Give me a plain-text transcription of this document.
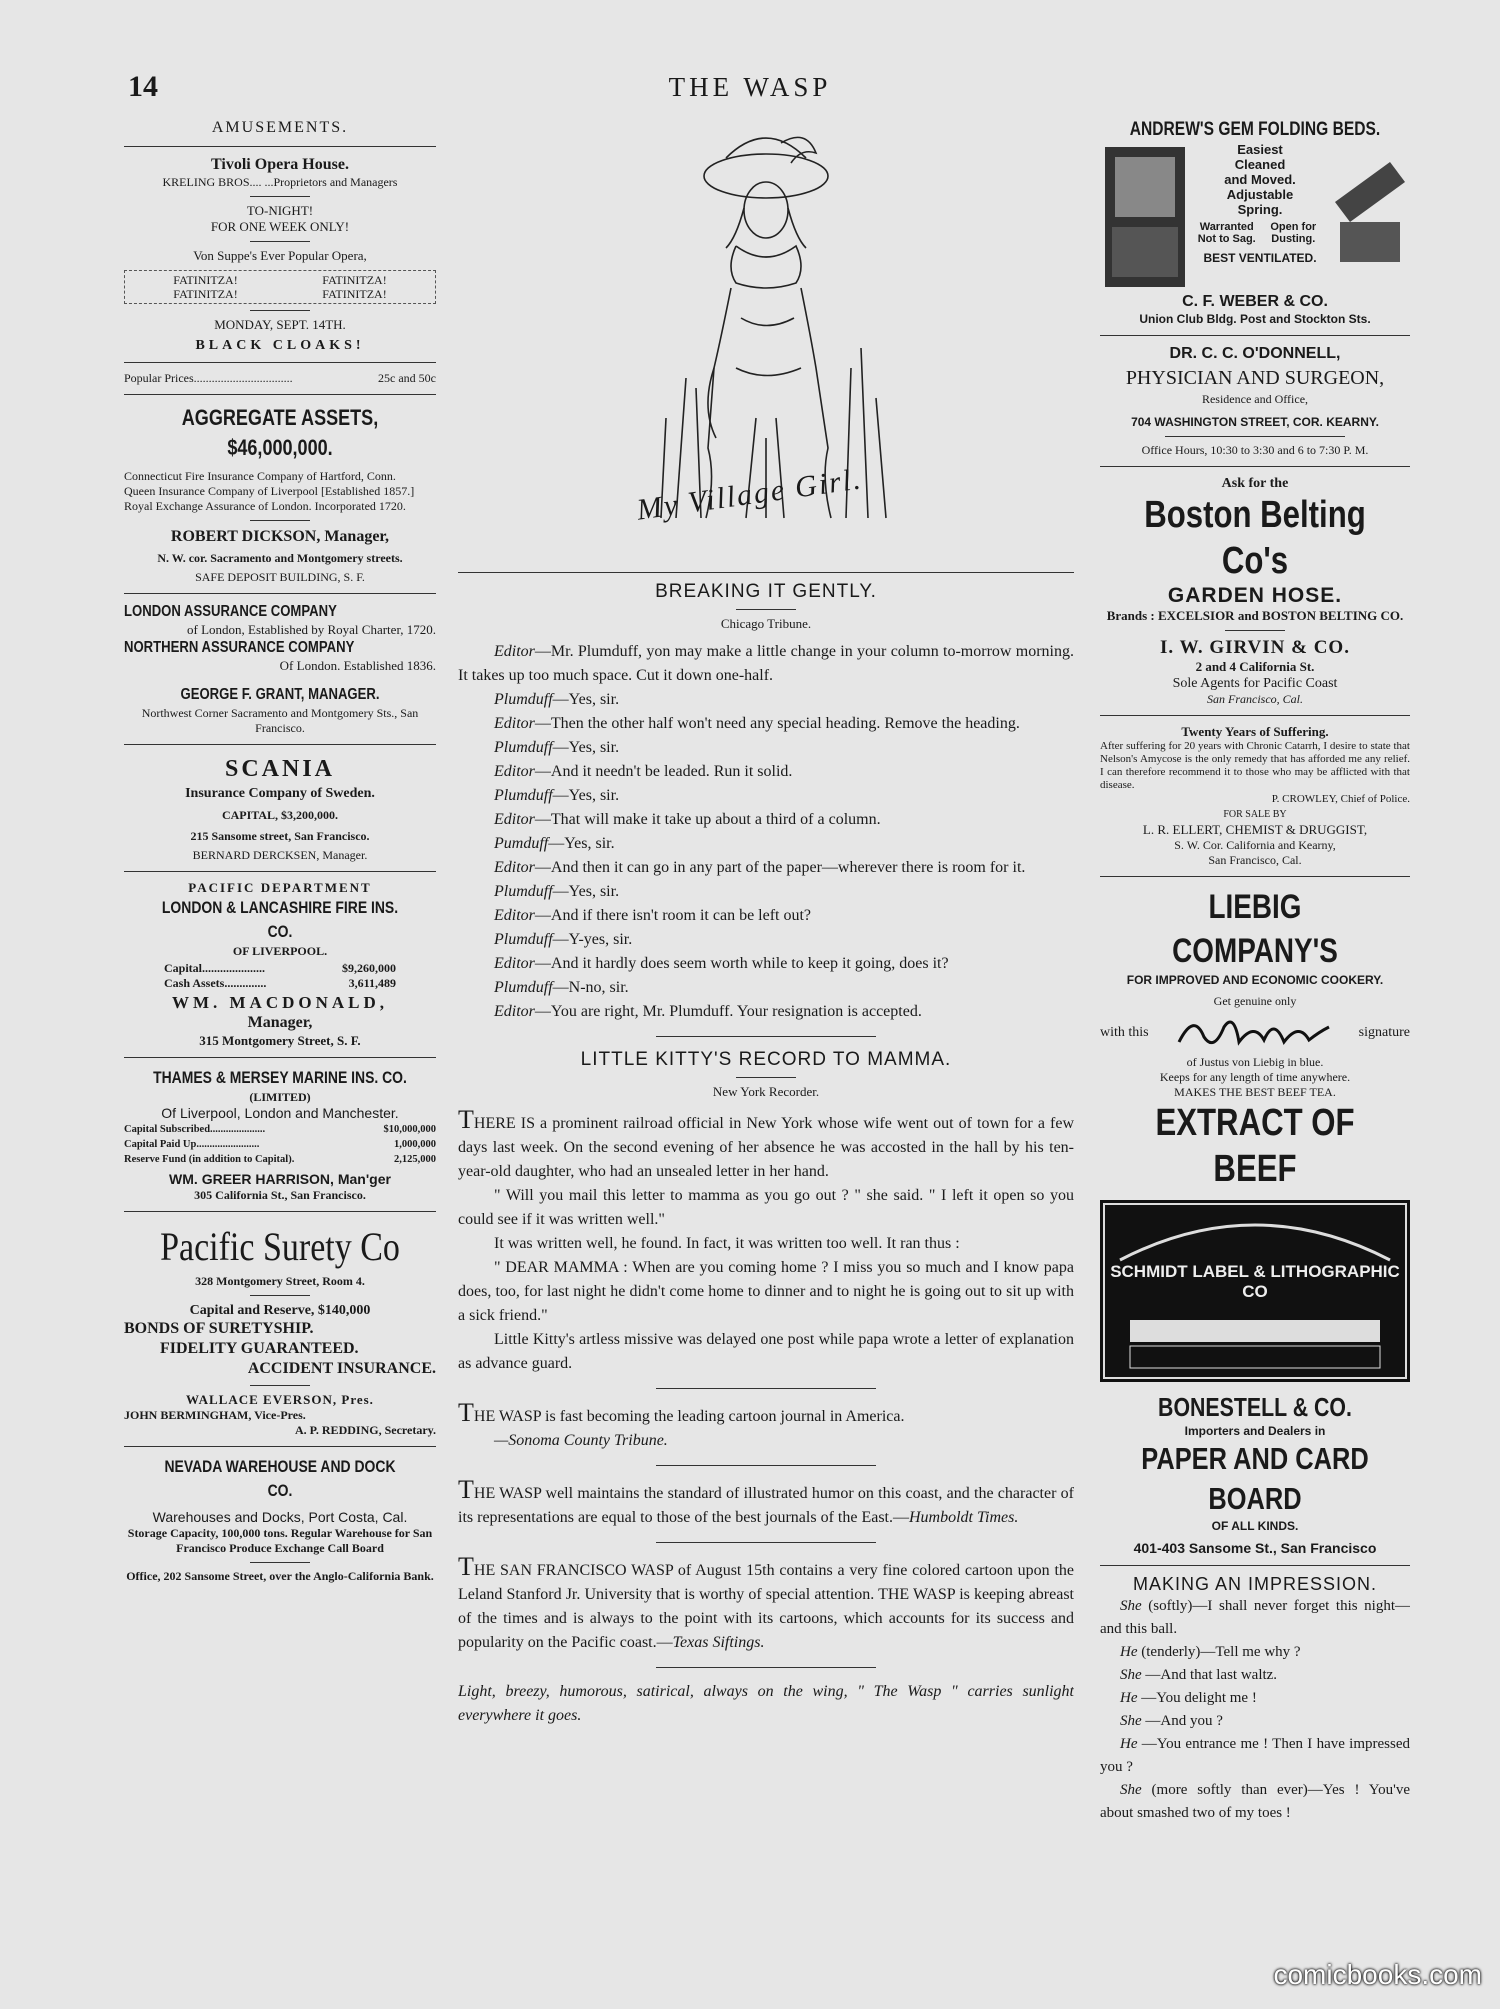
14	THE WASP
AMUSEMENTS.
Tivoli Opera House.
KRELING BROS.... ...Proprietors and Managers
TO-NIGHT!
FOR ONE WEEK ONLY!
Von Suppe's Ever Popular Opera,
FATINITZA!	FATINITZA!
FATINITZA!	FATINITZA!
MONDAY, SEPT. 14TH.
BLACK CLOAKS!
Popular Prices.................................	25c and 50c
AGGREGATE ASSETS, $46,000,000.
Connecticut Fire Insurance Company of Hartford, Conn.
Queen Insurance Company of Liverpool [Established 1857.]
Royal Exchange Assurance of London. Incorporated 1720.
ROBERT DICKSON, Manager,
N. W. cor. Sacramento and Montgomery streets.
SAFE DEPOSIT BUILDING, S. F.
LONDON ASSURANCE COMPANY
of London, Established by Royal Charter, 1720.
NORTHERN ASSURANCE COMPANY
Of London. Established 1836.
GEORGE F. GRANT, MANAGER.
Northwest Corner Sacramento and Montgomery Sts., San Francisco.
SCANIA
Insurance Company of Sweden.
CAPITAL, $3,200,000.
215 Sansome street, San Francisco.
BERNARD DERCKSEN, Manager.
PACIFIC DEPARTMENT
LONDON & LANCASHIRE FIRE INS. CO.
OF LIVERPOOL.
Capital.....................	$9,260,000
Cash Assets..............	3,611,489
WM. MACDONALD,
Manager,
315 Montgomery Street, S. F.
THAMES & MERSEY MARINE INS. CO.
(LIMITED)
Of Liverpool, London and Manchester.
Capital Subscribed.....................	$10,000,000
Capital Paid Up........................	1,000,000
Reserve Fund (in addition to Capital).	2,125,000
WM. GREER HARRISON, Man'ger
305 California St., San Francisco.
Pacific Surety Co
328 Montgomery Street, Room 4.
Capital and Reserve, $140,000
BONDS OF SURETYSHIP.
FIDELITY GUARANTEED.
ACCIDENT INSURANCE.
WALLACE EVERSON, Pres.
JOHN BERMINGHAM, Vice-Pres.
A. P. REDDING, Secretary.
NEVADA WAREHOUSE AND DOCK CO.
Warehouses and Docks, Port Costa, Cal.
Storage Capacity, 100,000 tons. Regular Warehouse for San Francisco Produce Exchange Call Board
Office, 202 Sansome Street, over the Anglo-California Bank.
My Village Girl.
BREAKING IT GENTLY.
Chicago Tribune.

Editor—Mr. Plumduff, yon may make a little change in your column to-morrow morning. It takes up too much space. Cut it down one-half.

Plumduff—Yes, sir.

Editor—Then the other half won't need any special heading. Remove the heading.

Plumduff—Yes, sir.

Editor—And it needn't be leaded. Run it solid.

Plumduff—Yes, sir.

Editor—That will make it take up about a third of a column.

Pumduff—Yes, sir.

Editor—And then it can go in any part of the paper—wherever there is room for it.

Plumduff—Yes, sir.

Editor—And if there isn't room it can be left out?

Plumduff—Y-yes, sir.

Editor—And it hardly does seem worth while to keep it going, does it?

Plumduff—N-no, sir.

Editor—You are right, Mr. Plumduff. Your resignation is accepted.

LITTLE KITTY'S RECORD TO MAMMA.
New York Recorder.

THERE IS a prominent railroad official in New York whose wife went out of town for a few days last week. On the second evening of her absence he was accosted in the hall by his ten-year-old daughter, who had an unsealed letter in her hand.

" Will you mail this letter to mamma as you go out ? " she said. " I left it open so you could see if it was written well."

It was written well, he found. In fact, it was written too well. It ran thus :

" DEAR MAMMA : When are you coming home ? I miss you so much and I know papa does, too, for last night he didn't come home to dinner and to night he is going out to sit up with a sick friend."

Little Kitty's artless missive was delayed one post while papa wrote a letter of explanation as advance guard.

THE WASP is fast becoming the leading cartoon journal in America.

—Sonoma County Tribune.

THE WASP well maintains the standard of illustrated humor on this coast, and the character of its representations are equal to those of the best journals of the East.—Humboldt Times.

THE SAN FRANCISCO WASP of August 15th contains a very fine colored cartoon upon the Leland Stanford Jr. University that is worthy of special attention. THE WASP is keeping abreast of the times and is always to the point with its cartoons, which accounts for its success and popularity on the Pacific coast.—Texas Siftings.

Light, breezy, humorous, satirical, always on the wing, " The Wasp " carries sunlight everywhere it goes.

ANDREW'S GEM FOLDING BEDS.
Easiest
Cleaned
and Moved.
Adjustable
Spring.
Warranted Not to Sag.
Open for Dusting.
BEST VENTILATED.
C. F. WEBER & CO.
Union Club Bldg. Post and Stockton Sts.
DR. C. C. O'DONNELL,
PHYSICIAN AND SURGEON,
Residence and Office,
704 WASHINGTON STREET, COR. KEARNY.
Office Hours, 10:30 to 3:30 and 6 to 7:30 P. M.
Ask for the
Boston Belting Co's
GARDEN HOSE.
Brands : EXCELSIOR and BOSTON BELTING CO.
I. W. GIRVIN & CO.
2 and 4 California St.
Sole Agents for Pacific Coast
San Francisco, Cal.
Twenty Years of Suffering.
After suffering for 20 years with Chronic Catarrh, I desire to state that Nelson's Amycose is the only remedy that has afforded me any relief. I can therefore recommend it to those who may be afflicted with that disease.
P. CROWLEY, Chief of Police.
FOR SALE BY
L. R. ELLERT, CHEMIST & DRUGGIST,
S. W. Cor. California and Kearny,
San Francisco, Cal.
LIEBIG COMPANY'S
FOR IMPROVED AND ECONOMIC COOKERY.
Get genuine only
with this	signature
of Justus von Liebig in blue.
Keeps for any length of time anywhere.
MAKES THE BEST BEEF TEA.
EXTRACT OF BEEF
SCHMIDT LABEL & LITHOGRAPHIC CO
BONESTELL & CO.
Importers and Dealers in
PAPER AND CARD BOARD
OF ALL KINDS.
401-403 Sansome St., San Francisco
MAKING AN IMPRESSION.

She (softly)—I shall never forget this night—and this ball.

He (tenderly)—Tell me why ?

She —And that last waltz.

He —You delight me !

She —And you ?

He —You entrance me ! Then I have impressed you ?

She (more softly than ever)—Yes ! You've about smashed two of my toes !

comicbooks.com
